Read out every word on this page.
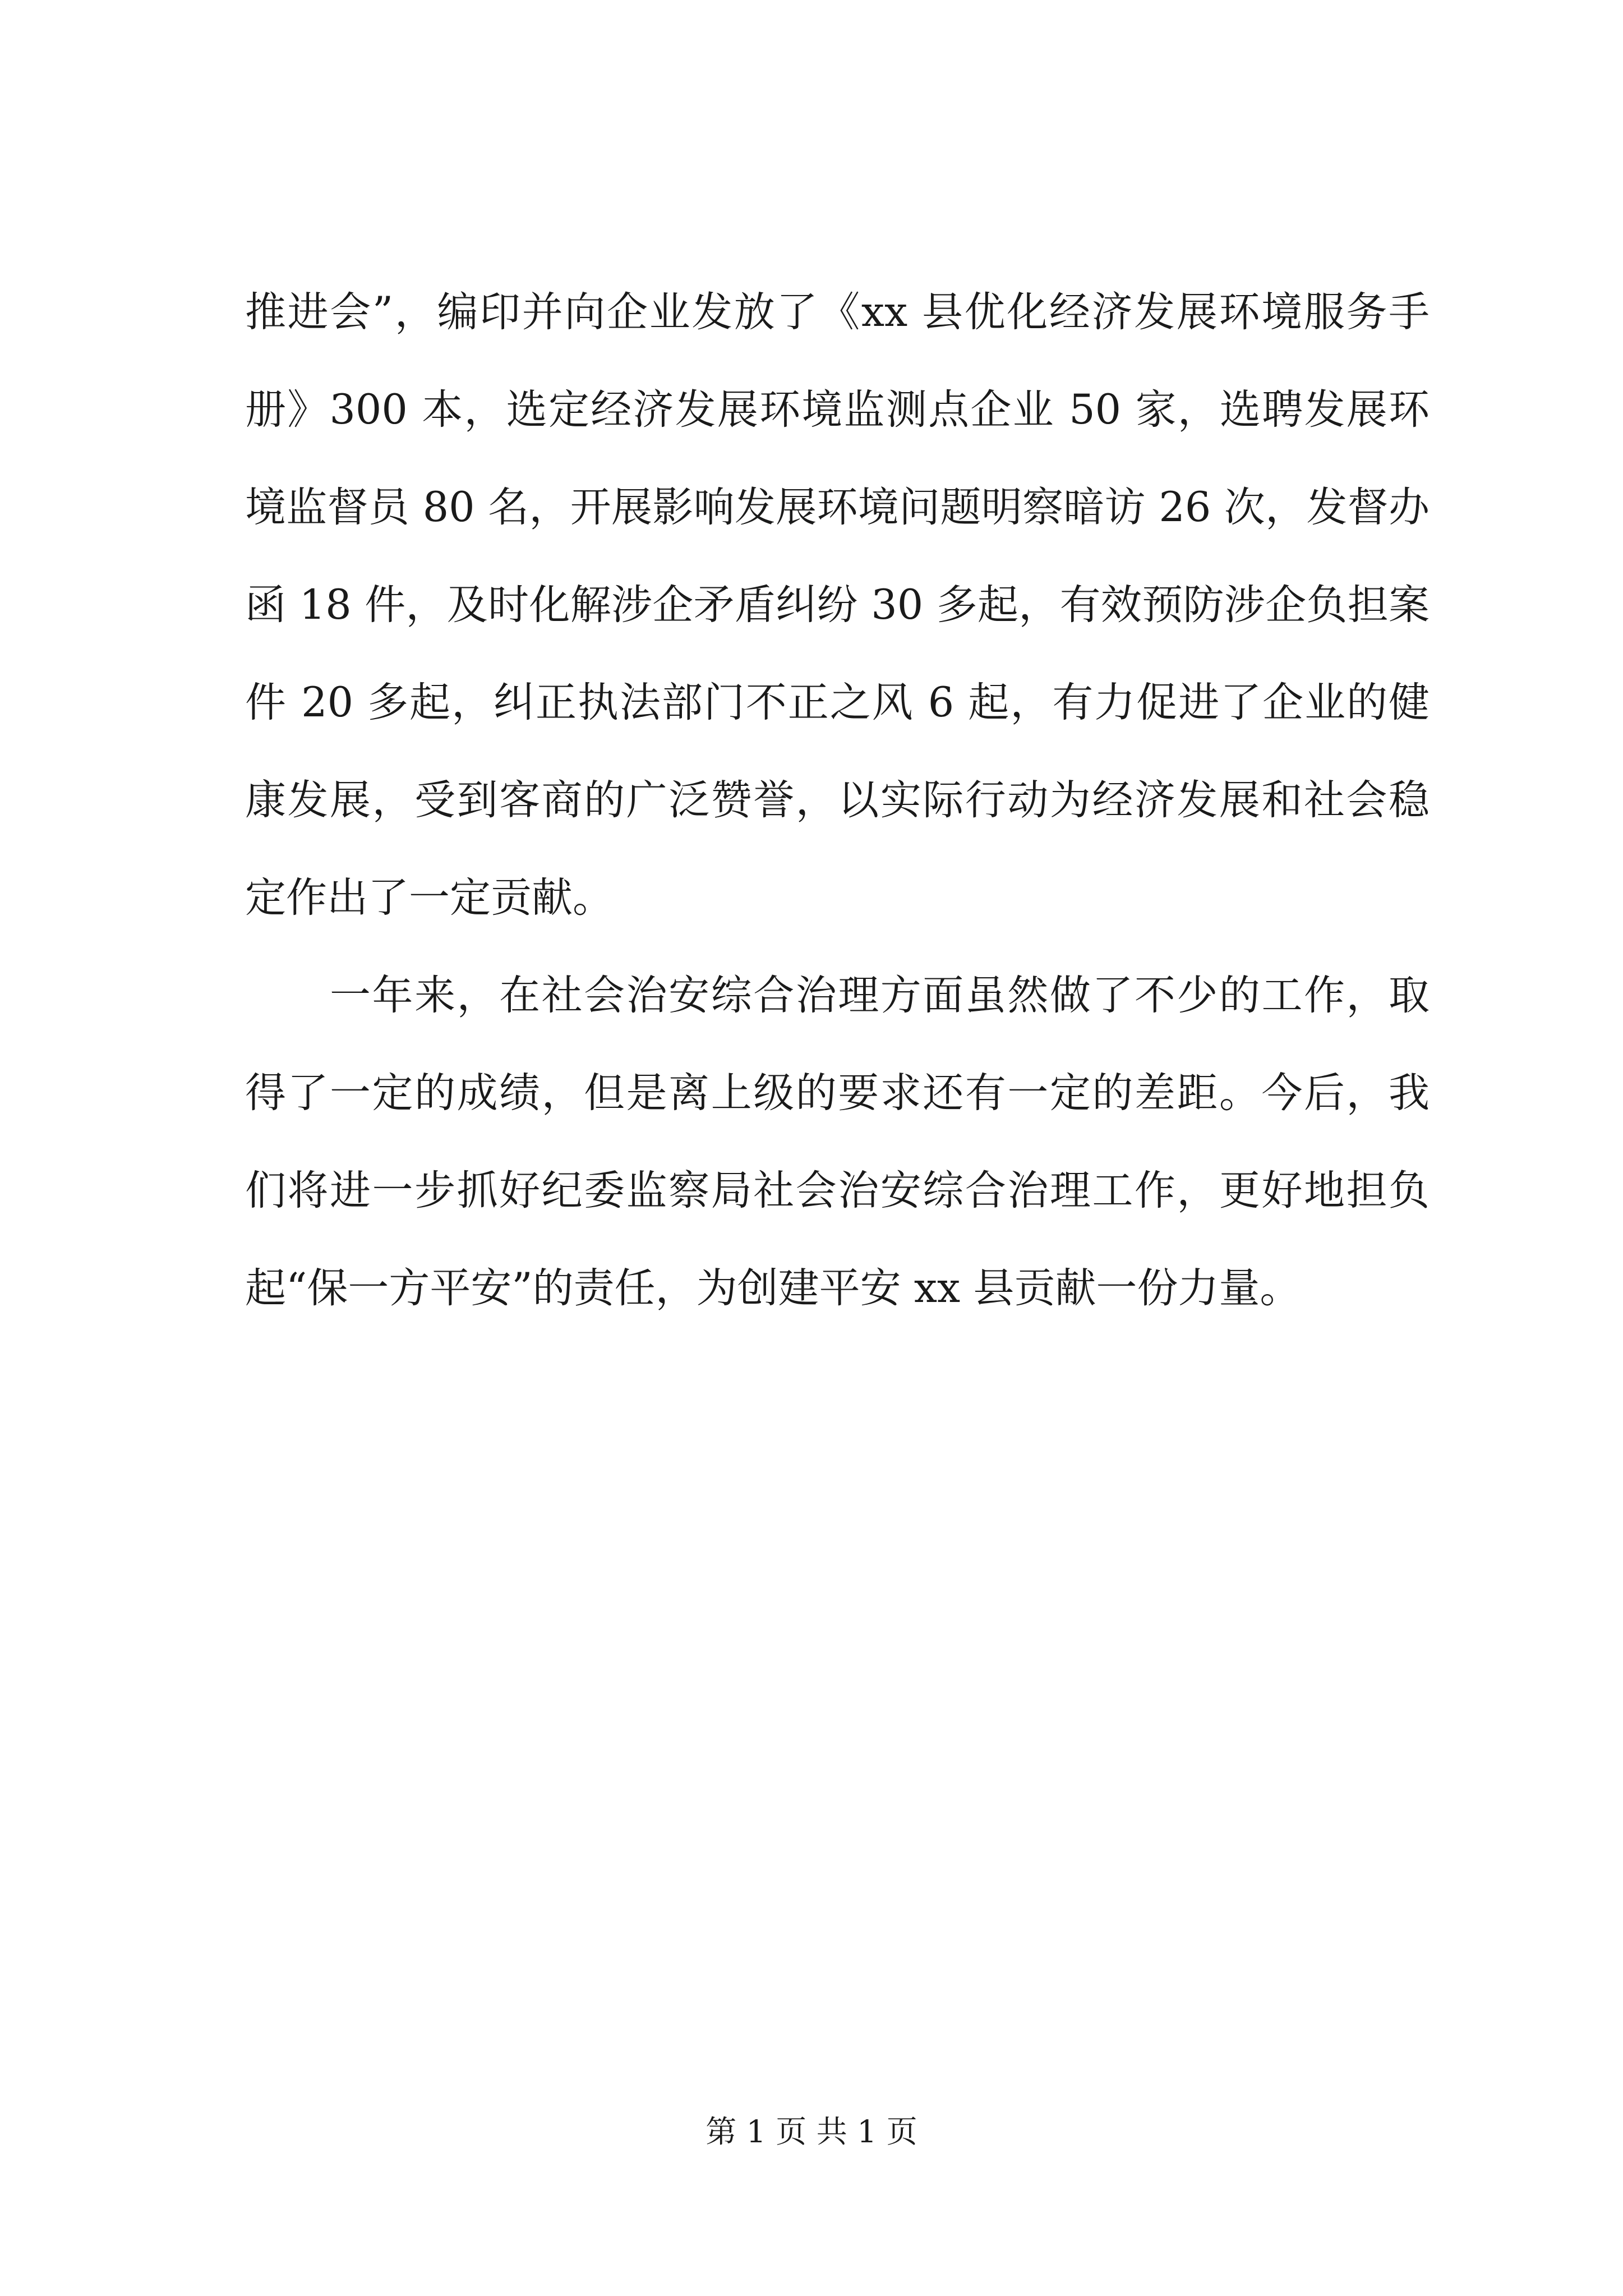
推进会”，编印并向企业发放了《xx 县优化经济发展环境服务手
册》300 本，选定经济发展环境监测点企业 50 家，选聘发展环
境监督员 80 名，开展影响发展环境问题明察暗访 26 次，发督办
函 18 件，及时化解涉企矛盾纠纷 30 多起，有效预防涉企负担案
件 20 多起，纠正执法部门不正之风 6 起，有力促进了企业的健
康发展，受到客商的广泛赞誉，以实际行动为经济发展和社会稳
定作出了一定贡献。
　　一年来，在社会治安综合治理方面虽然做了不少的工作，取
得了一定的成绩，但是离上级的要求还有一定的差距。今后，我
们将进一步抓好纪委监察局社会治安综合治理工作，更好地担负
起“保一方平安”的责任，为创建平安 xx 县贡献一份力量。
第 1 页 共 1 页
